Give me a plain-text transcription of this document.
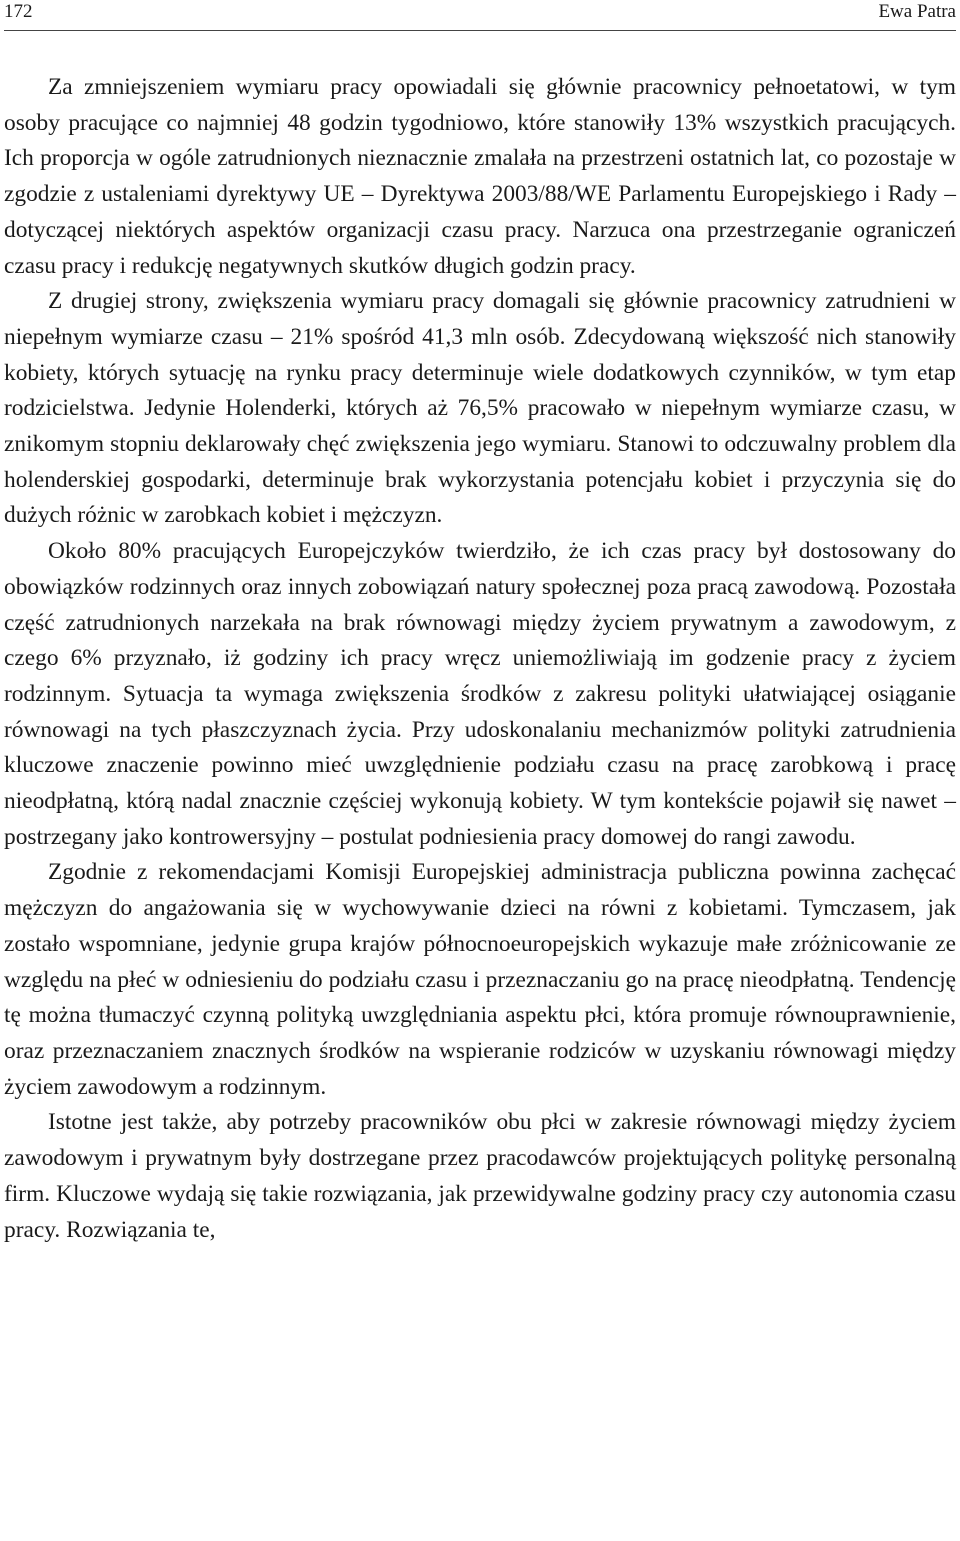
172	Ewa Patra

Za zmniejszeniem wymiaru pracy opowiadali się głównie pracownicy pełnoetatowi, w tym osoby pracujące co najmniej 48 godzin tygodniowo, które stanowiły 13% wszystkich pracujących. Ich proporcja w ogóle zatrudnionych nieznacznie zmalała na przestrzeni ostatnich lat, co pozostaje w zgodzie z ustaleniami dyrektywy UE – Dyrektywa 2003/88/WE Parlamentu Europejskiego i Rady – dotyczącej niektórych aspektów organizacji czasu pracy. Narzuca ona przestrzeganie ograniczeń czasu pracy i redukcję negatywnych skutków długich godzin pracy.

Z drugiej strony, zwiększenia wymiaru pracy domagali się głównie pracownicy zatrudnieni w niepełnym wymiarze czasu – 21% spośród 41,3 mln osób. Zdecydowaną większość nich stanowiły kobiety, których sytuację na rynku pracy determinuje wiele dodatkowych czynników, w tym etap rodzicielstwa. Jedynie Holenderki, których aż 76,5% pracowało w niepełnym wymiarze czasu, w znikomym stopniu deklarowały chęć zwiększenia jego wymiaru. Stanowi to odczuwalny problem dla holenderskiej gospodarki, determinuje brak wykorzystania potencjału kobiet i przyczynia się do dużych różnic w zarobkach kobiet i mężczyzn.

Około 80% pracujących Europejczyków twierdziło, że ich czas pracy był dostosowany do obowiązków rodzinnych oraz innych zobowiązań natury społecznej poza pracą zawodową. Pozostała część zatrudnionych narzekała na brak równowagi między życiem prywatnym a zawodowym, z czego 6% przyznało, iż godziny ich pracy wręcz uniemożliwiają im godzenie pracy z życiem rodzinnym. Sytuacja ta wymaga zwiększenia środków z zakresu polityki ułatwiającej osiąganie równowagi na tych płaszczyznach życia. Przy udoskonalaniu mechanizmów polityki zatrudnienia kluczowe znaczenie powinno mieć uwzględnienie podziału czasu na pracę zarobkową i pracę nieodpłatną, którą nadal znacznie częściej wykonują kobiety. W tym kontekście pojawił się nawet – postrzegany jako kontrowersyjny – postulat podniesienia pracy domowej do rangi zawodu.

Zgodnie z rekomendacjami Komisji Europejskiej administracja publiczna powinna zachęcać mężczyzn do angażowania się w wychowywanie dzieci na równi z kobietami. Tymczasem, jak zostało wspomniane, jedynie grupa krajów północnoeuropejskich wykazuje małe zróżnicowanie ze względu na płeć w odniesieniu do podziału czasu i przeznaczaniu go na pracę nieodpłatną. Tendencję tę można tłumaczyć czynną polityką uwzględniania aspektu płci, która promuje równouprawnienie, oraz przeznaczaniem znacznych środków na wspieranie rodziców w uzyskaniu równowagi między życiem zawodowym a rodzinnym.

Istotne jest także, aby potrzeby pracowników obu płci w zakresie równowagi między życiem zawodowym i prywatnym były dostrzegane przez pracodawców projektujących politykę personalną firm. Kluczowe wydają się takie rozwiązania, jak przewidywalne godziny pracy czy autonomia czasu pracy. Rozwiązania te,
